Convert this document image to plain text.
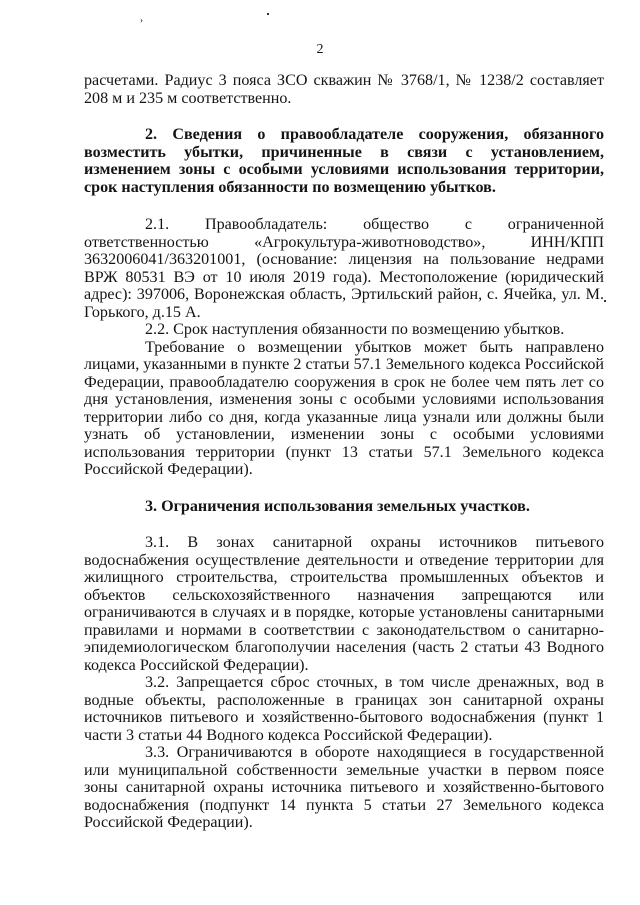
›
2

расчетами. Радиус 3 пояса ЗСО скважин № 3768/1, № 1238/2 составляет 208 м и 235 м соответственно.

2. Сведения о правообладателе сооружения, обязанного возместить убытки, причиненные в связи с установлением, изменением зоны с особыми условиями использования территории, срок наступления обязанности по возмещению убытков.

2.1. Правообладатель: общество с ограниченной ответственностью «Агрокультура-животноводство», ИНН/КПП 3632006041/363201001, (основание: лицензия на пользование недрами ВРЖ 80531 ВЭ от 10 июля 2019 года). Местоположение (юридический адрес): 397006, Воронежская область, Эртильский район, с. Ячейка, ул. М. Горького, д.15 А.

2.2. Срок наступления обязанности по возмещению убытков.

Требование о возмещении убытков может быть направлено лицами, указанными в пункте 2 статьи 57.1 Земельного кодекса Российской Федерации, правообладателю сооружения в срок не более чем пять лет со дня установления, изменения зоны с особыми условиями использования территории либо со дня, когда указанные лица узнали или должны были узнать об установлении, изменении зоны с особыми условиями использования территории (пункт 13 статьи 57.1 Земельного кодекса Российской Федерации).

3. Ограничения использования земельных участков.

3.1. В зонах санитарной охраны источников питьевого водоснабжения осуществление деятельности и отведение территории для жилищного строительства, строительства промышленных объектов и объектов сельскохозяйственного назначения запрещаются или ограничиваются в случаях и в порядке, которые установлены санитарными правилами и нормами в соответствии с законодательством о санитарно-эпидемиологическом благополучии населения (часть 2 статьи 43 Водного кодекса Российской Федерации).

3.2. Запрещается сброс сточных, в том числе дренажных, вод в водные объекты, расположенные в границах зон санитарной охраны источников питьевого и хозяйственно-бытового водоснабжения (пункт 1 части 3 статьи 44 Водного кодекса Российской Федерации).

3.3. Ограничиваются в обороте находящиеся в государственной или муниципальной собственности земельные участки в первом поясе зоны санитарной охраны источника питьевого и хозяйственно-бытового водоснабжения (подпункт 14 пункта 5 статьи 27 Земельного кодекса Российской Федерации).
